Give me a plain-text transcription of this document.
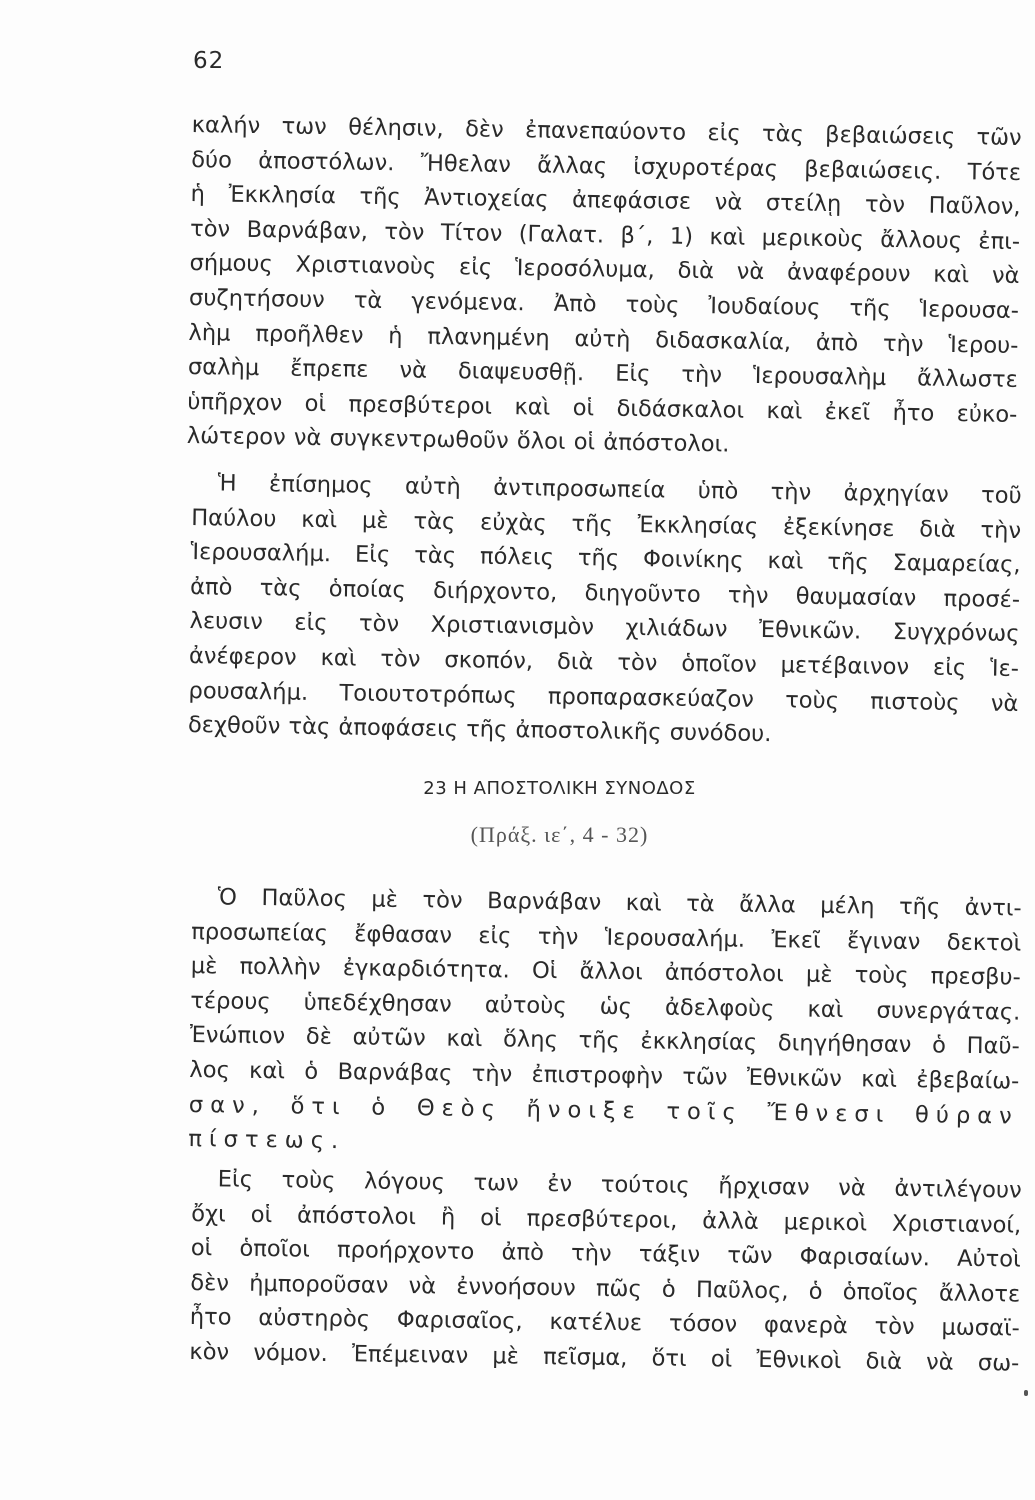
62
καλήν των θέλησιν, δὲν ἐπανεπαύοντο εἰς τὰς βεβαιώσεις τῶν
δύο ἀποστόλων. Ἤθελαν ἄλλας ἰσχυροτέρας βεβαιώσεις. Τότε
ἡ Ἐκκλησία τῆς Ἀντιοχείας ἀπεφάσισε νὰ στείλῃ τὸν Παῦλον,
τὸν Βαρνάβαν, τὸν Τίτον (Γαλατ. β΄, 1) καὶ μερικοὺς ἄλλους ἐπι-
σήμους Χριστιανοὺς εἰς Ἱεροσόλυμα, διὰ νὰ ἀναφέρουν καὶ νὰ
συζητήσουν τὰ γενόμενα. Ἀπὸ τοὺς Ἰουδαίους τῆς Ἱερουσα-
λὴμ προῆλθεν ἡ πλανημένη αὐτὴ διδασκαλία, ἀπὸ τὴν Ἱερου-
σαλὴμ ἔπρεπε νὰ διαψευσθῇ. Εἰς τὴν Ἱερουσαλὴμ ἄλλωστε
ὑπῆρχον οἱ πρεσβύτεροι καὶ οἱ διδάσκαλοι καὶ ἐκεῖ ἦτο εὐκο-
λώτερον νὰ συγκεντρωθοῦν ὅλοι οἱ ἀπόστολοι.
Ἡ ἐπίσημος αὐτὴ ἀντιπροσωπεία ὑπὸ τὴν ἀρχηγίαν τοῦ
Παύλου καὶ μὲ τὰς εὐχὰς τῆς Ἐκκλησίας ἐξεκίνησε διὰ τὴν
Ἱερουσαλήμ. Εἰς τὰς πόλεις τῆς Φοινίκης καὶ τῆς Σαμαρείας,
ἀπὸ τὰς ὁποίας διήρχοντο, διηγοῦντο τὴν θαυμασίαν προσέ-
λευσιν εἰς τὸν Χριστιανισμὸν χιλιάδων Ἐθνικῶν. Συγχρόνως
ἀνέφερον καὶ τὸν σκοπόν, διὰ τὸν ὁποῖον μετέβαινον εἰς Ἱε-
ρουσαλήμ. Τοιουτοτρόπως προπαρασκεύαζον τοὺς πιστοὺς νὰ
δεχθοῦν τὰς ἀποφάσεις τῆς ἀποστολικῆς συνόδου.
23 Η ΑΠΟΣΤΟΛΙΚΗ ΣΥΝΟΔΟΣ
(Πράξ. ιε΄, 4 - 32)
Ὁ Παῦλος μὲ τὸν Βαρνάβαν καὶ τὰ ἄλλα μέλη τῆς ἀντι-
προσωπείας ἔφθασαν εἰς τὴν Ἱερουσαλήμ. Ἐκεῖ ἔγιναν δεκτοὶ
μὲ πολλὴν ἐγκαρδιότητα. Οἱ ἄλλοι ἀπόστολοι μὲ τοὺς πρεσβυ-
τέρους ὑπεδέχθησαν αὐτοὺς ὡς ἀδελφοὺς καὶ συνεργάτας.
Ἐνώπιον δὲ αὐτῶν καὶ ὅλης τῆς ἐκκλησίας διηγήθησαν ὁ Παῦ-
λος καὶ ὁ Βαρνάβας τὴν ἐπιστροφὴν τῶν Ἐθνικῶν καὶ ἐβεβαίω-
σαν, ὅτι ὁ Θεὸς ἤνοιξε τοῖς Ἔθνεσι θύραν
πίστεως.
Εἰς τοὺς λόγους των ἐν τούτοις ἤρχισαν νὰ ἀντιλέγουν
ὄχι οἱ ἀπόστολοι ἢ οἱ πρεσβύτεροι, ἀλλὰ μερικοὶ Χριστιανοί,
οἱ ὁποῖοι προήρχοντο ἀπὸ τὴν τάξιν τῶν Φαρισαίων. Αὐτοὶ
δὲν ἠμποροῦσαν νὰ ἐννοήσουν πῶς ὁ Παῦλος, ὁ ὁποῖος ἄλλοτε
ἦτο αὐστηρὸς Φαρισαῖος, κατέλυε τόσον φανερὰ τὸν μωσαϊ-
κὸν νόμον. Ἐπέμειναν μὲ πεῖσμα, ὅτι οἱ Ἐθνικοὶ διὰ νὰ σω-
